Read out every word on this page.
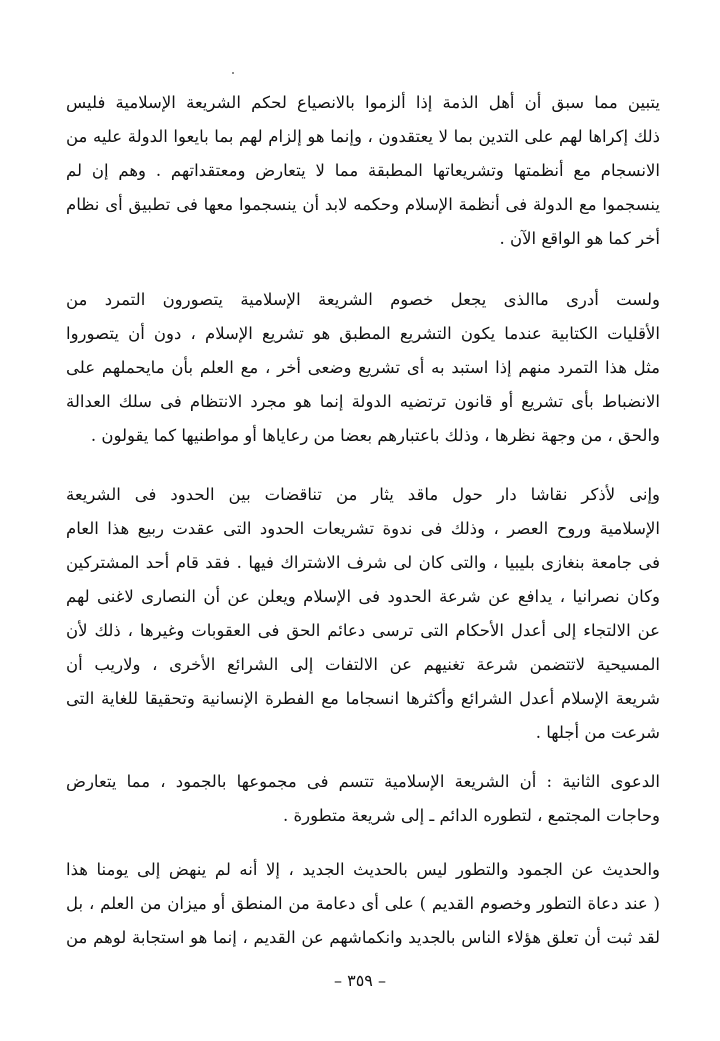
يتبين مما سبق أن أهل الذمة إذا ألزموا بالانصياع لحكم الشريعة الإسلامية فليس
ذلك إكراها لهم على التدين بما لا يعتقدون ، وإنما هو إلزام لهم بما بايعوا الدولة عليه من
الانسجام مع أنظمتها وتشريعاتها المطبقة مما لا يتعارض ومعتقداتهم . وهم إن لم
ينسجموا مع الدولة فى أنظمة الإسلام وحكمه لابد أن ينسجموا معها فى تطبيق أى نظام
أخر كما هو الواقع الآن .
ولست أدرى ماالذى يجعل خصوم الشريعة الإسلامية يتصورون التمرد من
الأقليات الكتابية عندما يكون التشريع المطبق هو تشريع الإسلام ، دون أن يتصوروا
مثل هذا التمرد منهم إذا استبد به أى تشريع وضعى أخر ، مع العلم بأن مايحملهم على
الانضباط بأى تشريع أو قانون ترتضيه الدولة إنما هو مجرد الانتظام فى سلك العدالة
والحق ، من وجهة نظرها ، وذلك باعتبارهم بعضا من رعاياها أو مواطنيها كما يقولون .
وإنى لأذكر نقاشا دار حول ماقد يثار من تناقضات بين الحدود فى الشريعة
الإسلامية وروح العصر ، وذلك فى ندوة تشريعات الحدود التى عقدت ربيع هذا العام
فى جامعة بنغازى بليبيا ، والتى كان لى شرف الاشتراك فيها . فقد قام أحد المشتركين
وكان نصرانيا ، يدافع عن شرعة الحدود فى الإسلام ويعلن عن أن النصارى لاغنى لهم
عن الالتجاء إلى أعدل الأحكام التى ترسى دعائم الحق فى العقوبات وغيرها ، ذلك لأن
المسيحية لاتتضمن شرعة تغنيهم عن الالتفات إلى الشرائع الأخرى ، ولاريب أن
شريعة الإسلام أعدل الشرائع وأكثرها انسجاما مع الفطرة الإنسانية وتحقيقا للغاية التى
شرعت من أجلها .
الدعوى الثانية : أن الشريعة الإسلامية تتسم فى مجموعها بالجمود ، مما يتعارض
وحاجات المجتمع ، لتطوره الدائم ـ إلى شريعة متطورة .
والحديث عن الجمود والتطور ليس بالحديث الجديد ، إلا أنه لم ينهض إلى يومنا هذا
( عند دعاة التطور وخصوم القديم ) على أى دعامة من المنطق أو ميزان من العلم ، بل
لقد ثبت أن تعلق هؤلاء الناس بالجديد وانكماشهم عن القديم ، إنما هو استجابة لوهم من
– ٣٥٩ –
